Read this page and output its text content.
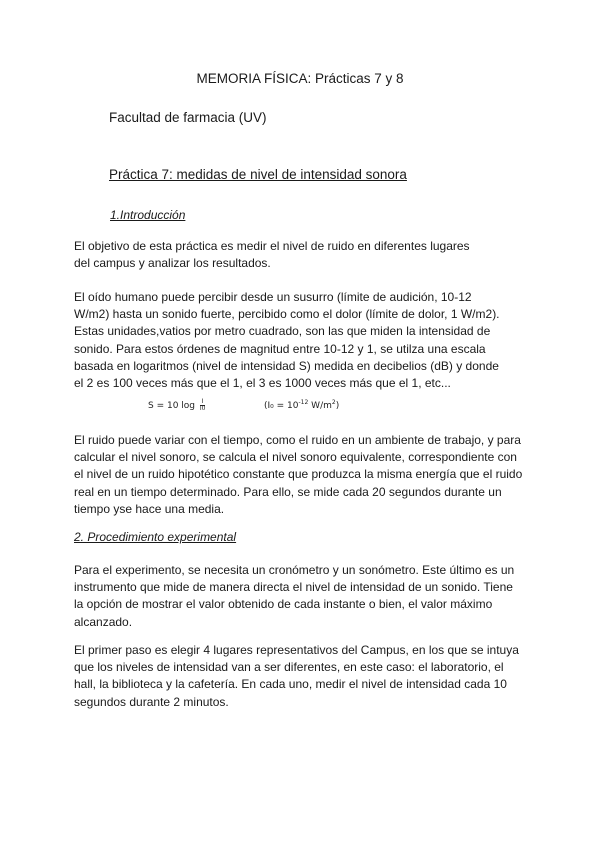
MEMORIA FÍSICA: Prácticas 7 y 8
Facultad de farmacia (UV)
Práctica 7: medidas de nivel de intensidad sonora
1.Introducción
El objetivo de esta práctica es medir el nivel de ruido en diferentes lugares
del campus y analizar los resultados.
El oído humano puede percibir desde un susurro (límite de audición, 10-12
W/m2) hasta un sonido fuerte, percibido como el dolor (límite de dolor, 1 W/m2).
Estas unidades,vatios por metro cuadrado, son las que miden la intensidad de
sonido. Para estos órdenes de magnitud entre 10-12 y 1, se utilza una escala
basada en logaritmos (nivel de intensidad S) medida en decibelios (dB) y donde
el 2 es 100 veces más que el 1, el 3 es 1000 veces más que el 1, etc...
S = 10 $\log \frac{I}{I0}$	($I_0 = 10^{-12}$ $W/m^2$)
El ruido puede variar con el tiempo, como el ruido en un ambiente de trabajo, y para
calcular el nivel sonoro, se calcula el nivel sonoro equivalente, correspondiente con
el nivel de un ruido hipotético constante que produzca la misma energía que el ruido
real en un tiempo determinado. Para ello, se mide cada 20 segundos durante un
tiempo yse hace una media.
2. Procedimiento experimental
Para el experimento, se necesita un cronómetro y un sonómetro. Este último es un
instrumento que mide de manera directa el nivel de intensidad de un sonido. Tiene
la opción de mostrar el valor obtenido de cada instante o bien, el valor máximo
alcanzado.
El primer paso es elegir 4 lugares representativos del Campus, en los que se intuya
que los niveles de intensidad van a ser diferentes, en este caso: el laboratorio, el
hall, la biblioteca y la cafetería. En cada uno, medir el nivel de intensidad cada 10
segundos durante 2 minutos.
